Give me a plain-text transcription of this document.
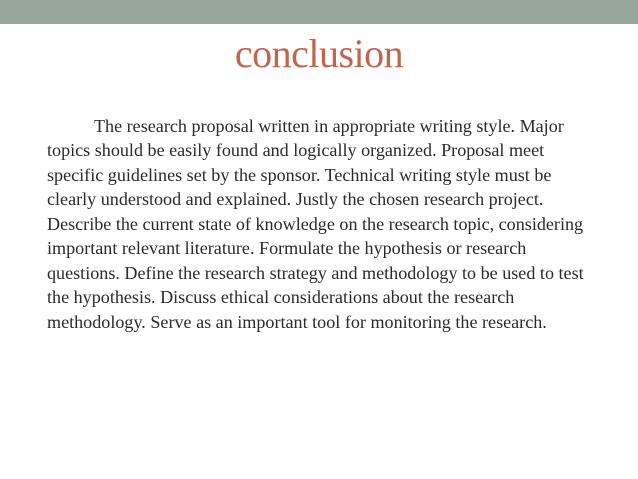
conclusion

The research proposal written in appropriate writing style. Major topics should be easily found and logically organized. Proposal meet specific guidelines set by the sponsor. Technical writing style must be clearly understood and explained. Justly the chosen research project. Describe the current state of knowledge on the research topic, considering important relevant literature. Formulate the hypothesis or research questions. Define the research strategy and methodology to be used to test the hypothesis. Discuss ethical considerations about the research methodology. Serve as an important tool for monitoring the research.
